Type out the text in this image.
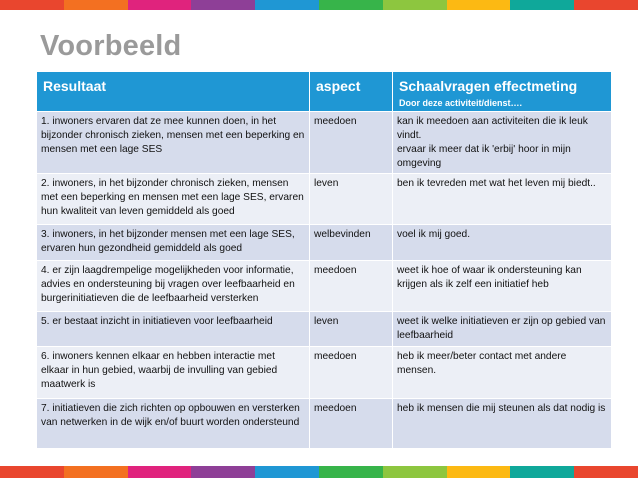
Voorbeeld
Resultaat	aspect	Schaalvragen effectmeting
Door deze activiteit/dienst….

1. inwoners ervaren dat ze mee kunnen doen, in het bijzonder chronisch zieken, mensen met een beperking en mensen met een lage SES	meedoen	kan ik meedoen aan activiteiten die ik leuk vindt.
ervaar ik meer dat ik 'erbij' hoor in mijn omgeving
2. inwoners, in het bijzonder chronisch zieken, mensen met een beperking en mensen met een lage SES, ervaren hun kwaliteit van leven gemiddeld als goed	leven	ben ik tevreden met wat het leven mij biedt..
3. inwoners, in het bijzonder mensen met een lage SES, ervaren hun gezondheid gemiddeld als goed	welbevinden	voel ik mij goed.
4. er zijn laagdrempelige mogelijkheden voor informatie, advies en ondersteuning bij vragen over leefbaarheid en burgerinitiatieven die de leefbaarheid versterken	meedoen	weet ik hoe of waar ik ondersteuning kan krijgen als ik zelf een initiatief heb
5. er bestaat inzicht in initiatieven voor leefbaarheid	leven	weet ik welke initiatieven er zijn op gebied van leefbaarheid
6. inwoners kennen elkaar en hebben interactie met elkaar in hun gebied, waarbij de invulling van gebied maatwerk is	meedoen	heb ik meer/beter contact met andere mensen.
7. initiatieven die zich richten op opbouwen en versterken van netwerken in de wijk en/of buurt worden ondersteund	meedoen	heb ik mensen die mij steunen als dat nodig is
